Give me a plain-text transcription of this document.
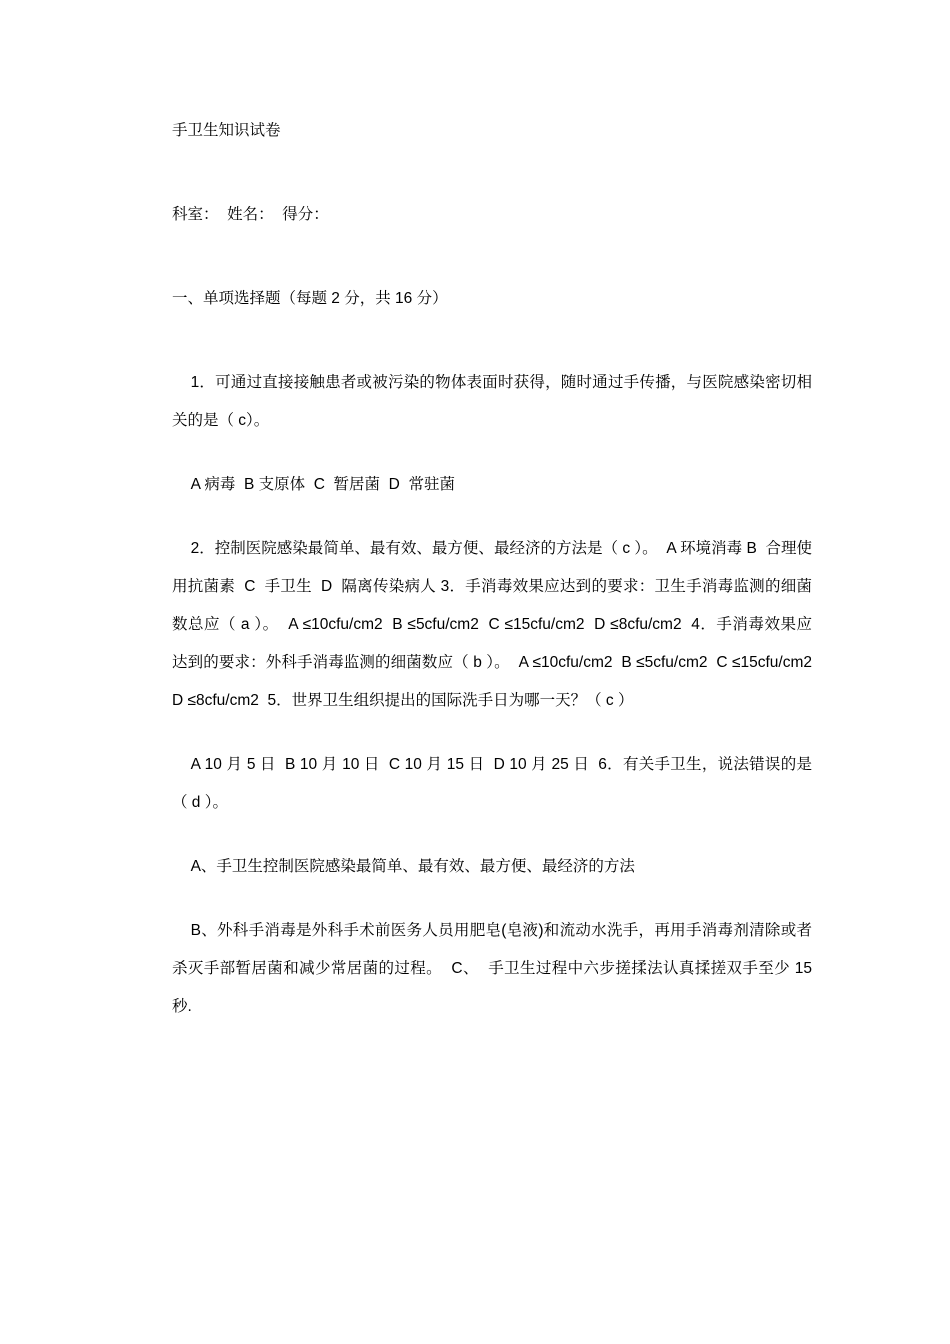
手卫生知识试卷

科室：  姓名：  得分：

一、单项选择题（每题 2 分，共 16 分）

1．可通过直接接触患者或被污染的物体表面时获得，随时通过手传播，与医院感染密切相关的是（ c）。

A 病毒  B 支原体  C  暂居菌  D  常驻菌

2．控制医院感染最简单、最有效、最方便、最经济的方法是（ c ）。  A 环境消毒 B  合理使用抗菌素  C  手卫生  D  隔离传染病人 3．手消毒效果应达到的要求：卫生手消毒监测的细菌数总应（ a ）。  A ≤10cfu/cm2  B ≤5cfu/cm2  C ≤15cfu/cm2  D ≤8cfu/cm2  4．手消毒效果应达到的要求：外科手消毒监测的细菌数应（ b ）。  A ≤10cfu/cm2  B ≤5cfu/cm2  C ≤15cfu/cm2  D ≤8cfu/cm2  5．世界卫生组织提出的国际洗手日为哪一天？（ c ）

A 10 月 5 日  B 10 月 10 日  C 10 月 15 日  D 10 月 25 日  6．有关手卫生，说法错误的是（ d ）。

A、手卫生控制医院感染最简单、最有效、最方便、最经济的方法

B、外科手消毒是外科手术前医务人员用肥皂(皂液)和流动水洗手，再用手消毒剂清除或者杀灭手部暂居菌和减少常居菌的过程。  C、  手卫生过程中六步搓揉法认真揉搓双手至少 15 秒.
